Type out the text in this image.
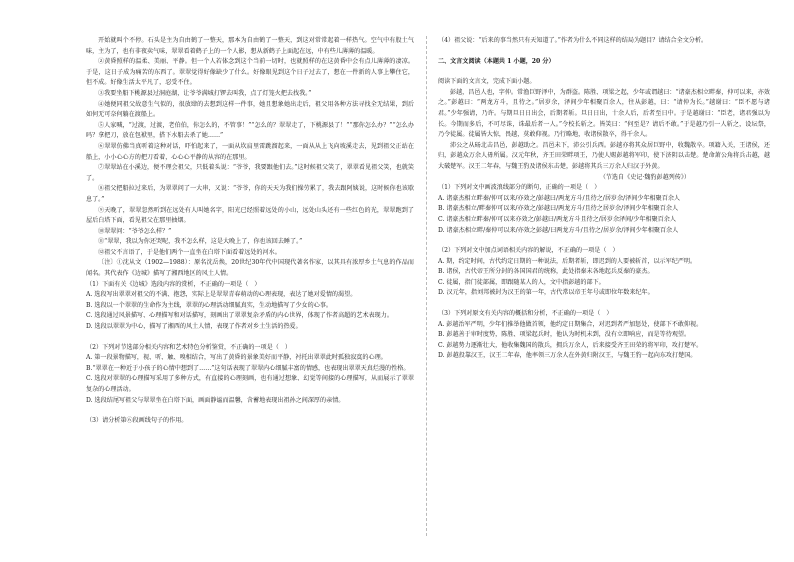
开始就叫个不停。石头是主为自由鹤了一整天，那本为自由鹤了一整天，到这对常常起着一样热气。空气中有股土气味，主为了，也有非夜卖气味，翠翠看着鹤子上的一个人影，想从新鹤子上面起在远，中有些儿薄薄的温暖。

②黄昏照样的温柔、美丽、平静。但一个人若体念到这个当前一切时，也就照样的在这黄昏中会有点儿薄薄的凄凉。于是，这日子成为痛苦的东西了。翠翠觉得好像缺少了什么。好像眼见到这个日子过去了，想在一件新的人事上攀住它，但不成。好像生活太平凡了，忍受不住。

③我要坐船下桃源县过洞庭湖，让爷爷满城打锣去叫我，点了灯笼火把去找我。”

④她便同祖父故意生气似的，很放肆的去想到这样一件事，她且想象她出走后，祖父用各种方法寻找全无结果，到后如何无可奈何躺在渡船上。

⑤人家喊，“过渡，过渡，老伯伯，你怎么的，不管事！”“怎么的？翠翠走了，下桃源县了！”“那你怎么办？”“怎么办吗？拿把刀，放在包袱里，搭下水船去杀了她……”

⑥翠翠仿佛当真听着这种对话，吓怕起来了，一面从坎肩里雷跳溜起来，一面从从上飞向坡溪走去，见到祖父正站在船上，小小心心方的把刀看着，心心心平静的从容的在那里。

⑦翠翠站在小溪边，便不理会祖父，只低着头说：“爷爷，我要跟他们去。”这时候祖父笑了，翠翠看见祖父笑，也就笑了。

⑧祖父把船拉过来后，为翠翠问了一大串，又说：“爷爷，你的天天为我们操劳累了，我去跟阿姨说，这时候你也该歇息了。”

⑨天晚了，翠翠忽然听到在远处有人叫她名字，阳光已经照着远处的小山，远处山头还有一些红色的光，翠翠跑到了屋后白塔下面，看见祖父在那里抽烟。

⑩翠翠问：“爷爷怎么样？”

⑪“翠翠，我以为你还哭呢，我不怎么样，这是大晚上了，你也该回去睡了。”

⑫祖父不言语了，于是他们两个一直坐在白塔下面看着远处的河水。

〔注〕①沈从文（1902—1988）：原名沈岳焕，20世纪30年代中国现代著名作家，以其具有浓厚乡土气息的作品而闻名。其代表作《边城》描写了湘西地区的风土人情。

（1）下面有关《边城》选段内容的赏析，不正确的一项是（　）

A. 选段写出翠翠对祖父的不满、抱怨，实际上是翠翠青春萌动的心理表现，表达了她对爱情的渴望。

B. 选段以一个翠翠的生命作为主线，翠翠的心理活动细腻真实，生动地描写了少女的心事。

C. 选段通过风景描写、心理描写和对话描写，刻画出了翠翠复杂矛盾的内心世界，体现了作者高超的艺术表现力。

D. 选段以翠翠为中心，描写了湘西的风土人情，表现了作者对乡土生活的热爱。

（2）下列对节选部分相关内容和艺术特色分析鉴赏，不正确的一项是（　）

A. 第一段景物描写，视、听、触、嗅相结合，写出了黄昏的景象美好而平静，衬托出翠翠此时孤独寂寞的心理。

B.“翠翠在一种近于小孩子的心情中想到了……”这句话表现了翠翠内心细腻丰富的情感，也表现出翠翠天真烂漫的性格。

C. 选段对翠翠的心理描写采用了多种方式，有直接的心理刻画，也有通过想象、幻觉等间接的心理描写，从而展示了翠翠复杂的心理活动。

D. 选段结尾写祖父与翠翠坐在白塔下面，画面静谧而温馨，含蓄地表现出祖孙之间深厚的亲情。

（3）请分析第⑥段画线句子的作用。

（4）祖父说：“后来的事当然只有天知道了。”作者为什么不同这样的结局为题目？请结合全文分析。

二、文言文阅读（本题共 1 小题，20 分）

阅读下面的文言文，完成下面小题。

彭越，昌邑人也，字仲。常渔巨野泽中，为群盗。陈胜、项梁之起，少年或谓越曰：“诸豪杰相立畔秦，仲可以来，亦效之。”彭越曰：“两龙方斗，且待之。”居岁余，泽间少年相聚百余人，往从彭越，曰：“请仲为长。”越谢曰：“臣不愿与诸君。”少年强请，乃许。与期旦日日出会，后期者斩。旦日日出，十余人后，后者至日中。于是越谢曰：“臣老，诸君强以为长。今期而多后，不可尽诛，诛最后者一人。”令校长斩之。皆笑曰：“何至是？请后不敢。”于是越乃引一人斩之，设坛祭，乃令徒属。徒属皆大惊，畏越，莫敢仰视。乃行略地，收诸侯散卒，得千余人。

沛公之从砀北击昌邑，彭越助之。昌邑未下，沛公引兵西。彭越亦将其众居巨野中，收魏散卒。项籍入关，王诸侯，还归，彭越众万余人毋所属。汉元年秋，齐王田荣畔项王，乃使人赐彭越将军印，使下济阴以击楚。楚命萧公角将兵击越，越大破楚军。汉王二年春，与魏王豹及诸侯东击楚，彭越将其兵三万余人归汉于外黄。

（节选自《史记·魏豹彭越列传》）

（1）下列对文中画波浪线部分的断句，正确的一项是（　）

A. 诸豪杰相立畔秦/仲可以来/亦效之/彭越曰/两龙方斗/且待之/居岁余/泽间少年相聚百余人

B. 诸豪杰相立/畔秦仲可以来/亦效之/彭越曰/两龙方斗/且待之居岁余/泽间少年相聚百余人

C. 诸豪杰相立畔秦/仲可以来亦效之/彭越曰/两龙方斗且待之/居岁余泽间/少年相聚百余人

D. 诸豪杰相立畔/秦仲可以来/亦效之彭越/曰两龙方斗/且待之/居岁余/泽间少年相聚百余人

（2）下列对文中加点词语相关内容的解说，不正确的一项是（　）

A. 期，约定时间，古代约定日期的一种说法，后期者斩，即迟到的人要被斩首，以示军纪严明。

B. 诸侯，古代帝王所分封的各国国君的统称，此处指秦末各地起兵反秦的豪杰。

C. 徒属，指门徒部属，即跟随某人的人，文中指彭越的部下。

D. 汉元年，指刘邦被封为汉王的第一年，古代常以帝王年号或即位年数来纪年。

（3）下列对原文有关内容的概括和分析，不正确的一项是（　）

A. 彭越治军严明，少年们推举他做首领，他约定日期集合，对迟到者严加惩处，使部下不敢仰视。

B. 彭越善于审时度势，陈胜、项梁起兵时，他认为时机未到，没有立即响应，而是等待观望。

C. 彭越势力逐渐壮大，他收集魏国的散兵，拥兵万余人，后来接受齐王田荣的将军印，攻打楚军。

D. 彭越投靠汉王，汉王二年春，他率领三万余人在外黄归附汉王，与魏王豹一起向东攻打楚国。
